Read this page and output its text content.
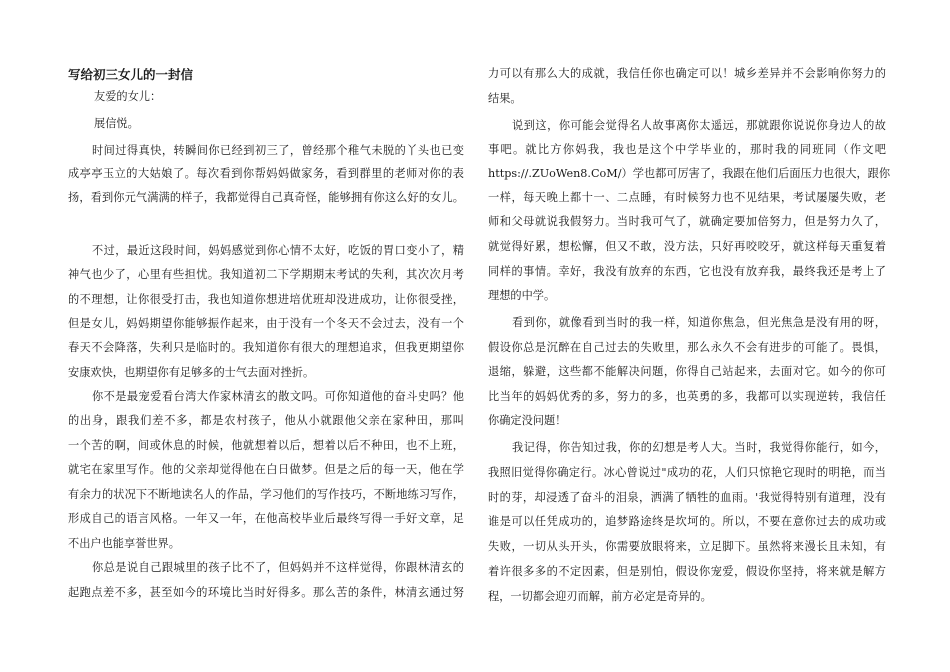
写给初三女儿的一封信
友爱的女儿：
展信悦。
时间过得真快，转瞬间你已经到初三了，曾经那个稚气未脱的丫头也已变
成亭亭玉立的大姑娘了。每次看到你帮妈妈做家务，看到群里的老师对你的表
扬，看到你元气满满的样子，我都觉得自己真奇怪，能够拥有你这么好的女儿。
不过，最近这段时间，妈妈感觉到你心情不太好，吃饭的胃口变小了，精
神气也少了，心里有些担忧。我知道初二下学期期末考试的失利，其次次月考
的不理想，让你很受打击，我也知道你想进培优班却没进成功，让你很受挫，
但是女儿，妈妈期望你能够振作起来，由于没有一个冬天不会过去，没有一个
春天不会降落，失利只是临时的。我知道你有很大的理想追求，但我更期望你
安康欢快，也期望你有足够多的士气去面对挫折。
你不是最宠爱看台湾大作家林清玄的散文吗。可你知道他的奋斗史吗？他
的出身，跟我们差不多，都是农村孩子，他从小就跟他父亲在家种田，那叫
一个苦的啊，间或休息的时候，他就想着以后，想着以后不种田，也不上班，
就宅在家里写作。他的父亲却觉得他在白日做梦。但是之后的每一天，他在学
有余力的状况下不断地读名人的作品，学习他们的写作技巧，不断地练习写作，
形成自己的语言风格。一年又一年，在他高校毕业后最终写得一手好文章，足
不出户也能享誉世界。
你总是说自己跟城里的孩子比不了，但妈妈并不这样觉得，你跟林清玄的
起跑点差不多，甚至如今的环境比当时好得多。那么苦的条件，林清玄通过努
力可以有那么大的成就，我信任你也确定可以！城乡差异并不会影响你努力的
结果。
说到这，你可能会觉得名人故事离你太遥远，那就跟你说说你身边人的故
事吧。就比方你妈我，我也是这个中学毕业的，那时我的同班同（作文吧
https://.ZUoWen8.CoM/）学也都可厉害了，我跟在他们后面压力也很大，跟你
一样，每天晚上都十一、二点睡，有时候努力也不见结果，考试屡屡失败，老
师和父母就说我假努力。当时我可气了，就确定要加倍努力，但是努力久了，
就觉得好累，想松懈，但又不敢，没方法，只好再咬咬牙，就这样每天重复着
同样的事情。幸好，我没有放弃的东西，它也没有放弃我，最终我还是考上了
理想的中学。
看到你，就像看到当时的我一样，知道你焦急，但光焦急是没有用的呀，
假设你总是沉醉在自己过去的失败里，那么永久不会有进步的可能了。畏惧，
退缩，躲避，这些都不能解决问题，你得自己站起来，去面对它。如今的你可
比当年的妈妈优秀的多，努力的多，也英勇的多，我都可以实现逆转，我信任
你确定没问题！
我记得，你告知过我，你的幻想是考人大。当时，我觉得你能行，如今，
我照旧觉得你确定行。冰心曾说过"成功的花，人们只惊艳它现时的明艳，而当
时的芽，却浸透了奋斗的泪泉，洒满了牺牲的血雨。'我觉得特别有道理，没有
谁是可以任凭成功的，追梦路途终是坎坷的。所以，不要在意你过去的成功或
失败，一切从头开头，你需要放眼将来，立足脚下。虽然将来漫长且未知，有
着许很多多的不定因素，但是别怕，假设你宠爱，假设你坚持，将来就是解方
程，一切都会迎刃而解，前方必定是奇异的。
